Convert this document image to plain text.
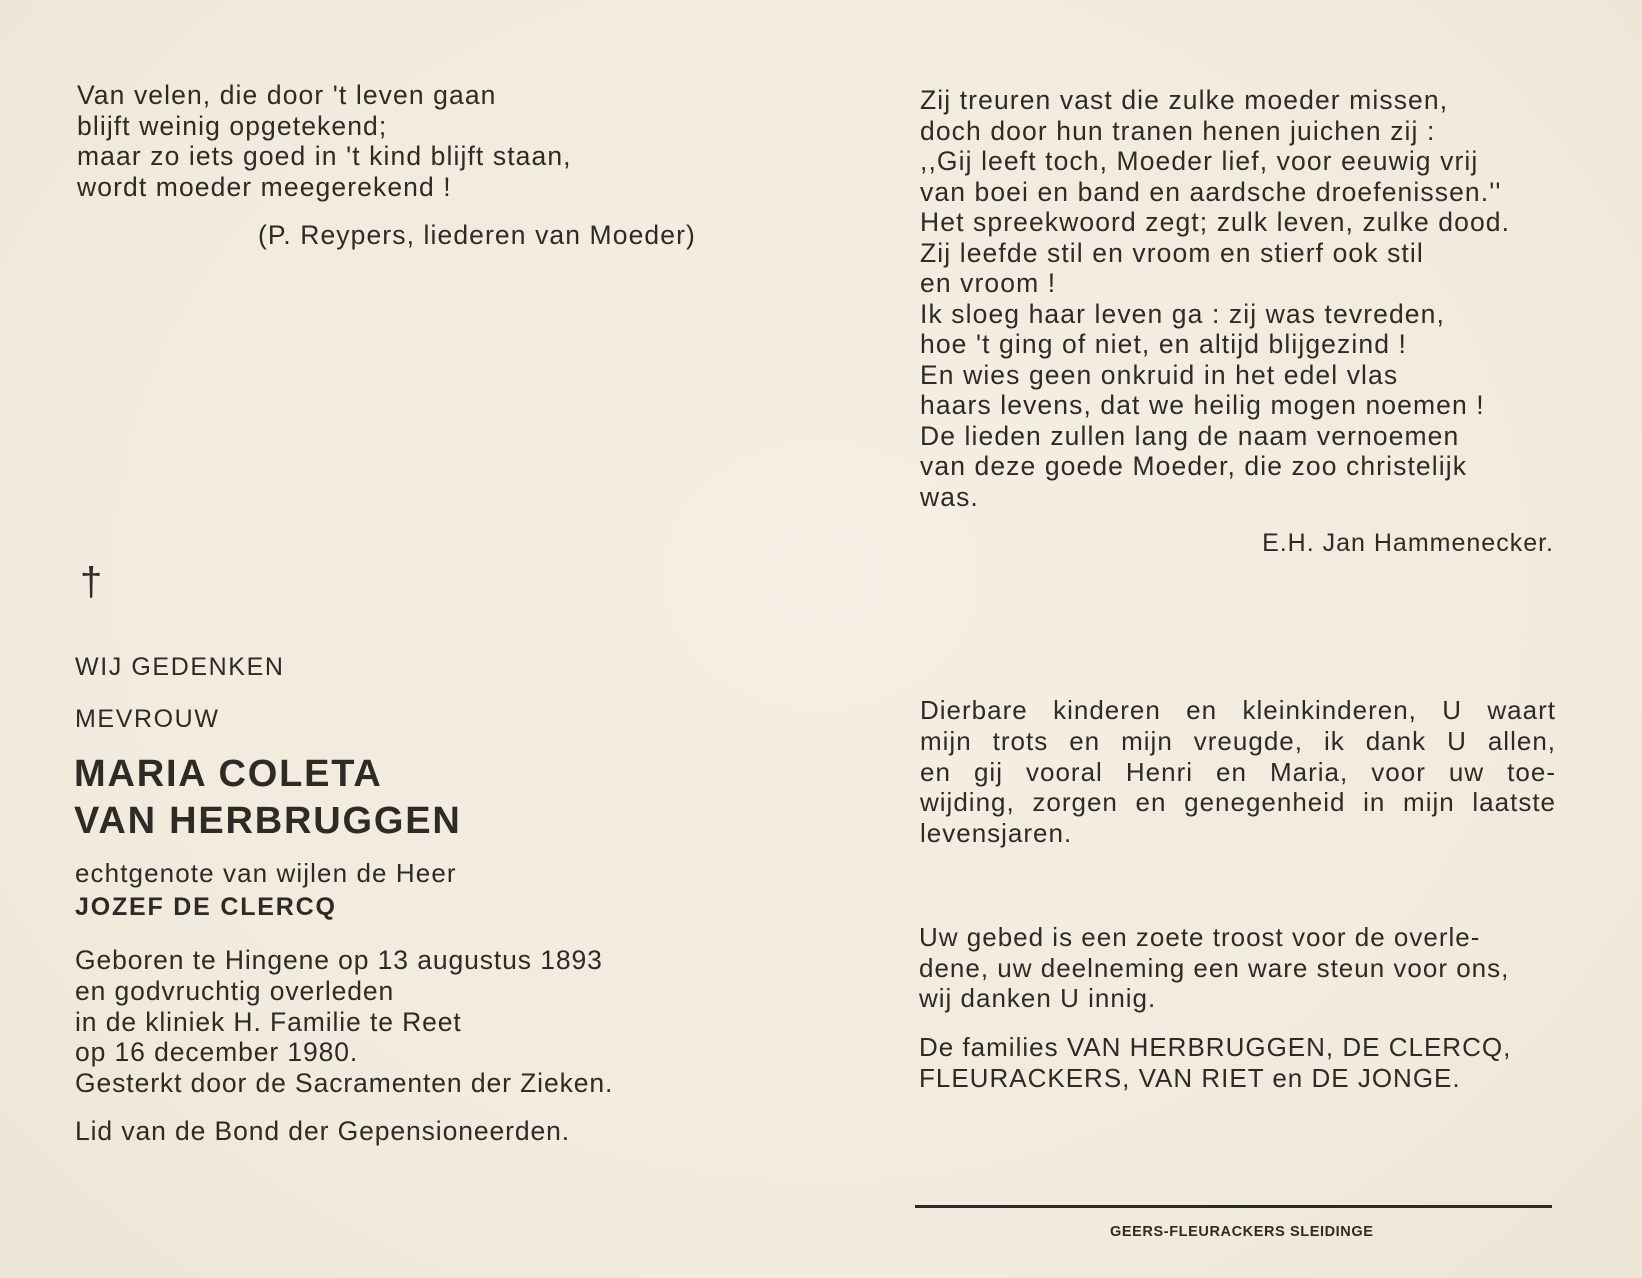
Van velen, die door 't leven gaan
blijft weinig opgetekend;
maar zo iets goed in 't kind blijft staan,
wordt moeder meegerekend !
(P. Reypers, liederen van Moeder)
†
WIJ GEDENKEN
MEVROUW
MARIA COLETA
VAN HERBRUGGEN
echtgenote van wijlen de Heer
JOZEF DE CLERCQ
Geboren te Hingene op 13 augustus 1893
en godvruchtig overleden
in de kliniek H. Familie te Reet
op 16 december 1980.
Gesterkt door de Sacramenten der Zieken.
Lid van de Bond der Gepensioneerden.
Zij treuren vast die zulke moeder missen,
doch door hun tranen henen juichen zij :
,,Gij leeft toch, Moeder lief, voor eeuwig vrij
van boei en band en aardsche droefenissen.''
Het spreekwoord zegt; zulk leven, zulke dood.
Zij leefde stil en vroom en stierf ook stil
en vroom !
Ik sloeg haar leven ga : zij was tevreden,
hoe 't ging of niet, en altijd blijgezind !
En wies geen onkruid in het edel vlas
haars levens, dat we heilig mogen noemen !
De lieden zullen lang de naam vernoemen
van deze goede Moeder, die zoo christelijk
was.
E.H. Jan Hammenecker.
Dierbare kinderen en kleinkinderen, U waart
mijn trots en mijn vreugde, ik dank U allen,
en gij vooral Henri en Maria, voor uw toe-
wijding, zorgen en genegenheid in mijn laatste
levensjaren.
Uw gebed is een zoete troost voor de overle-
dene, uw deelneming een ware steun voor ons,
wij danken U innig.
De families VAN HERBRUGGEN, DE CLERCQ,
FLEURACKERS, VAN RIET en DE JONGE.
GEERS-FLEURACKERS SLEIDINGE
